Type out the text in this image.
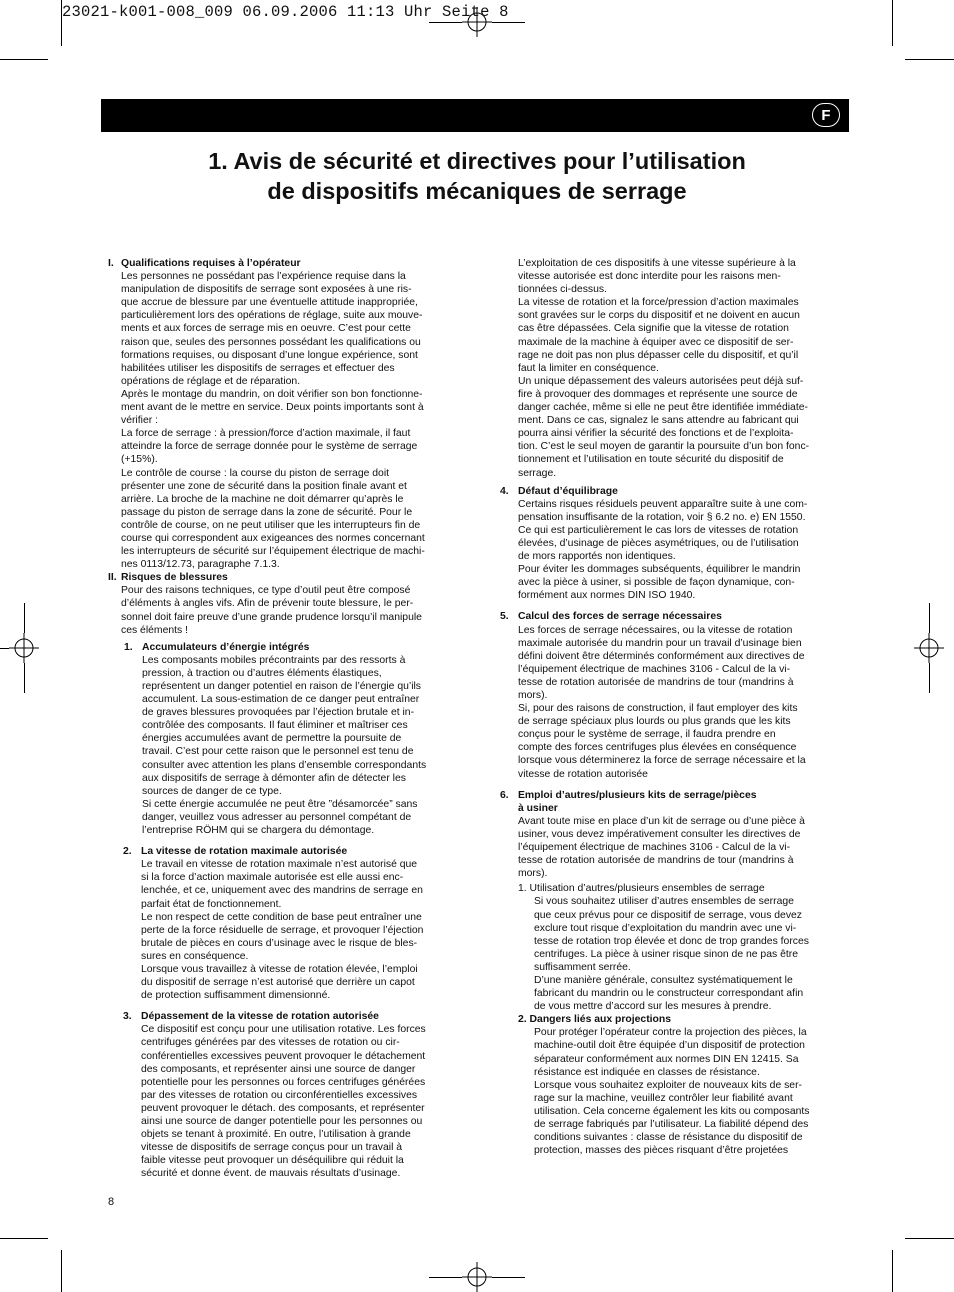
23021-k001-008_009 06.09.2006 11:13 Uhr Seite 8
F
1. Avis de sécurité et directives pour l’utilisation
de dispositifs mécaniques de serrage
I. Qualifications requises à l’opérateur

Les personnes ne possédant pas l’expérience requise dans la

manipulation de dispositifs de serrage sont exposées à une ris-

que accrue de blessure par une éventuelle attitude inappropriée,

particulièrement lors des opérations de réglage, suite aux mouve-

ments et aux forces de serrage mis en oeuvre. C’est pour cette

raison que, seules des personnes possédant les qualifications ou

formations requises, ou disposant d’une longue expérience, sont

habilitées utiliser les dispositifs de serrages et effectuer des

opérations de réglage et de réparation.

Après le montage du mandrin, on doit vérifier son bon fonctionne-

ment avant de le mettre en service. Deux points importants sont à

vérifier :

La force de serrage : à pression/force d’action maximale, il faut

atteindre la force de serrage donnée pour le système de serrage

(+15%).

Le contrôle de course : la course du piston de serrage doit

présenter une zone de sécurité dans la position finale avant et

arrière. La broche de la machine ne doit démarrer qu’après le

passage du piston de serrage dans la zone de sécurité. Pour le

contrôle de course, on ne peut utiliser que les interrupteurs fin de

course qui correspondent aux exigeances des normes concernant

les interrupteurs de sécurité sur l’équipement électrique de machi-

nes 0113/12.73, paragraphe 7.1.3.

II. Risques de blessures

Pour des raisons techniques, ce type d’outil peut être composé

d’éléments à angles vifs. Afin de prévenir toute blessure, le per-

sonnel doit faire preuve d’une grande prudence lorsqu’il manipule

ces éléments !

1. Accumulateurs d’énergie intégrés

Les composants mobiles précontraints par des ressorts à

pression, à traction ou d’autres éléments élastiques,

représentent un danger potentiel en raison de l’énergie qu’ils

accumulent. La sous-estimation de ce danger peut entraîner

de graves blessures provoquées par l’éjection brutale et in-

contrôlée des composants. Il faut éliminer et maîtriser ces

énergies accumulées avant de permettre la poursuite de

travail. C’est pour cette raison que le personnel est tenu de

consulter avec attention les plans d’ensemble correspondants

aux dispositifs de serrage à démonter afin de détecter les

sources de danger de ce type.

Si cette énergie accumulée ne peut être ”désamorcée” sans

danger, veuillez vous adresser au personnel compétant de

l’entreprise RÖHM qui se chargera du démontage.

2. La vitesse de rotation maximale autorisée

Le travail en vitesse de rotation maximale n’est autorisé que

si la force d’action maximale autorisée est elle aussi enc-

lenchée, et ce, uniquement avec des mandrins de serrage en

parfait état de fonctionnement.

Le non respect de cette condition de base peut entraîner une

perte de la force résiduelle de serrage, et provoquer l’éjection

brutale de pièces en cours d’usinage avec le risque de bles-

sures en conséquence.

Lorsque vous travaillez à vitesse de rotation élevée, l’emploi

du dispositif de serrage n’est autorisé que derrière un capot

de protection suffisamment dimensionné.

3. Dépassement de la vitesse de rotation autorisée

Ce dispositif est conçu pour une utilisation rotative. Les forces

centrifuges générées par des vitesses de rotation ou cir-

conférentielles excessives peuvent provoquer le détachement

des composants, et représenter ainsi une source de danger

potentielle pour les personnes ou forces centrifuges générées

par des vitesses de rotation ou circonférentielles excessives

peuvent provoquer le détach. des composants, et représenter

ainsi une source de danger potentielle pour les personnes ou

objets se tenant à proximité. En outre, l’utilisation à grande

vitesse de dispositifs de serrage conçus pour un travail à

faible vitesse peut provoquer un déséquilibre qui réduit la

sécurité et donne évent. de mauvais résultats d’usinage.

L’exploitation de ces dispositifs à une vitesse supérieure à la

vitesse autorisée est donc interdite pour les raisons men-

tionnées ci-dessus.

La vitesse de rotation et la force/pression d’action maximales

sont gravées sur le corps du dispositif et ne doivent en aucun

cas être dépassées. Cela signifie que la vitesse de rotation

maximale de la machine à équiper avec ce dispositif de ser-

rage ne doit pas non plus dépasser celle du dispositif, et qu’il

faut la limiter en conséquence.

Un unique dépassement des valeurs autorisées peut déjà suf-

fire à provoquer des dommages et représente une source de

danger cachée, même si elle ne peut être identifiée immédiate-

ment. Dans ce cas, signalez le sans attendre au fabricant qui

pourra ainsi vérifier la sécurité des fonctions et de l’exploita-

tion. C’est le seul moyen de garantir la poursuite d’un bon fonc-

tionnement et l’utilisation en toute sécurité du dispositif de

serrage.

4. Défaut d’équilibrage

Certains risques résiduels peuvent apparaître suite à une com-

pensation insuffisante de la rotation, voir § 6.2 no. e) EN 1550.

Ce qui est particulièrement le cas lors de vitesses de rotation

élevées, d’usinage de pièces asymétriques, ou de l’utilisation

de mors rapportés non identiques.

Pour éviter les dommages subséquents, équilibrer le mandrin

avec la pièce à usiner, si possible de façon dynamique, con-

formément aux normes DIN ISO 1940.

5. Calcul des forces de serrage nécessaires

Les forces de serrage nécessaires, ou la vitesse de rotation

maximale autorisée du mandrin pour un travail d’usinage bien

défini doivent être déterminés conformément aux directives de

l’équipement électrique de machines 3106 - Calcul de la vi-

tesse de rotation autorisée de mandrins de tour (mandrins à

mors).

Si, pour des raisons de construction, il faut employer des kits

de serrage spéciaux plus lourds ou plus grands que les kits

conçus pour le système de serrage, il faudra prendre en

compte des forces centrifuges plus élevées en conséquence

lorsque vous déterminerez la force de serrage nécessaire et la

vitesse de rotation autorisée

6. Emploi d’autres/plusieurs kits de serrage/pièces

à usiner

Avant toute mise en place d’un kit de serrage ou d’une pièce à

usiner, vous devez impérativement consulter les directives de

l’équipement électrique de machines 3106 - Calcul de la vi-

tesse de rotation autorisée de mandrins de tour (mandrins à

mors).

1. Utilisation d’autres/plusieurs ensembles de serrage

Si vous souhaitez utiliser d’autres ensembles de serrage

que ceux prévus pour ce dispositif de serrage, vous devez

exclure tout risque d’exploitation du mandrin avec une vi-

tesse de rotation trop élevée et donc de trop grandes forces

centrifuges. La pièce à usiner risque sinon de ne pas être

suffisamment serrée.

D’une manière générale, consultez systématiquement le

fabricant du mandrin ou le constructeur correspondant afin

de vous mettre d’accord sur les mesures à prendre.

2. Dangers liés aux projections

Pour protéger l’opérateur contre la projection des pièces, la

machine-outil doit être équipée d’un dispositif de protection

séparateur conformément aux normes DIN EN 12415. Sa

résistance est indiquée en classes de résistance.

Lorsque vous souhaitez exploiter de nouveaux kits de ser-

rage sur la machine, veuillez contrôler leur fiabilité avant

utilisation. Cela concerne également les kits ou composants

de serrage fabriqués par l’utilisateur. La fiabilité dépend des

conditions suivantes : classe de résistance du dispositif de

protection, masses des pièces risquant d’être projetées

8
